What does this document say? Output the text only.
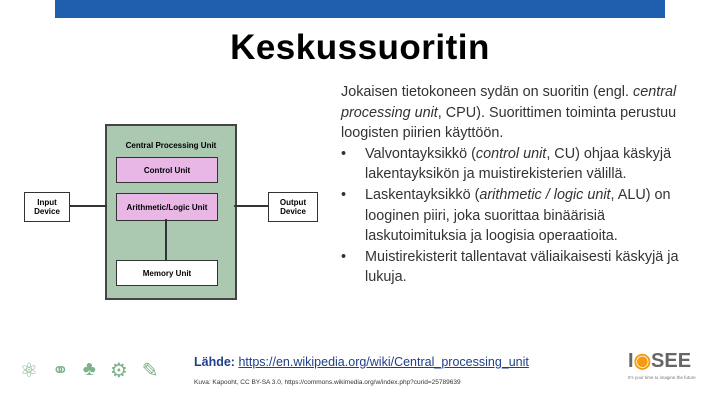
Keskussuoritin
Central Processing Unit
Control Unit
Arithmetic/Logic Unit
Memory Unit
Input Device
Output Device

Jokaisen tietokoneen sydän on suoritin (engl. central processing unit, CPU). Suorittimen toiminta perustuu loogisten piirien käyttöön.

• Valvontayksikkö (control unit, CU) ohjaa käskyjä lakentayksikön ja muistirekisterien välillä.
• Laskentayksikkö (arithmetic / logic unit, ALU) on looginen piiri, joka suorittaa binäärisiä laskutoimituksia ja loogisia operaatioita.
• Muistirekisterit tallentavat väliaikaisesti käskyjä ja lukuja.
⚛ ⚭ ♣ ⚙ ✎	Lähde: https://en.wikipedia.org/wiki/Central_processing_unit
Kuva: Kapooht, CC BY-SA 3.0, https://commons.wikimedia.org/w/index.php?curid=25789639
I◉SEE
It's your time to imagine the future
